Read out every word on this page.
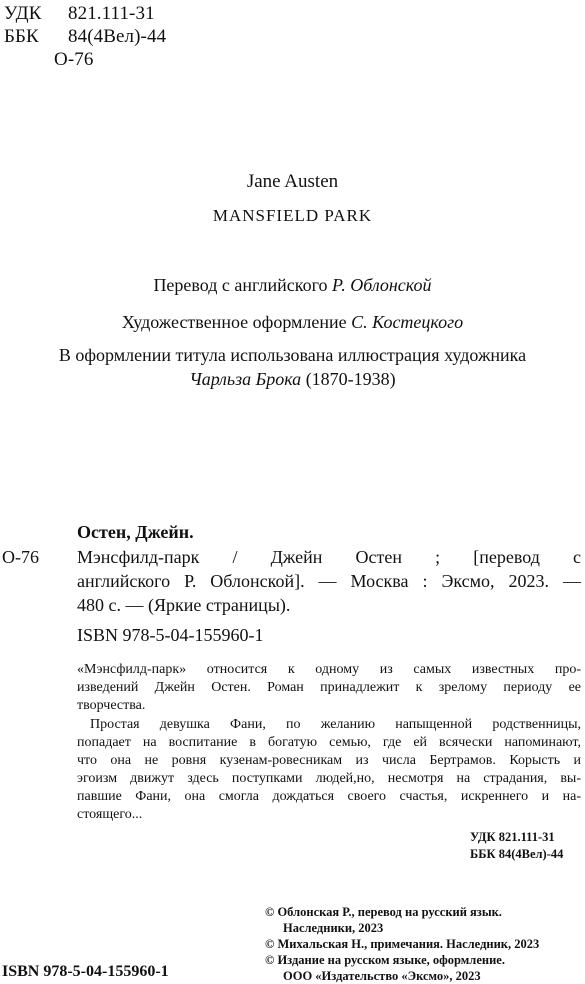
УДК 821.111-31
ББК 84(4Вел)-44
О-76
Jane Austen
MANSFIELD PARK
Перевод с английского Р. Облонской
Художественное оформление С. Костецкого
В оформлении титула использована иллюстрация художника
Чарльза Брока (1870-1938)
Остен, Джейн.
О-76 Мэнсфилд-парк / Джейн Остен ; [перевод с
английского Р. Облонской]. — Москва : Эксмо, 2023. —
480 с. — (Яркие страницы).
ISBN 978-5-04-155960-1
«Мэнсфилд-парк» относится к одному из самых известных про-
изведений Джейн Остен. Роман принадлежит к зрелому периоду ее
творчества.
Простая девушка Фани, по желанию напыщенной родственницы,
попадает на воспитание в богатую семью, где ей всячески напоминают,
что она не ровня кузенам-ровесникам из числа Бертрамов. Корысть и
эгоизм движут здесь поступками людей,но, несмотря на страдания, вы-
павшие Фани, она смогла дождаться своего счастья, искреннего и на-
стоящего...
УДК 821.111-31
ББК 84(4Вел)-44
© Облонская Р., перевод на русский язык.
Наследники, 2023
© Михальская Н., примечания. Наследник, 2023
© Издание на русском языке, оформление.
ООО «Издательство «Эксмо», 2023
ISBN 978-5-04-155960-1
